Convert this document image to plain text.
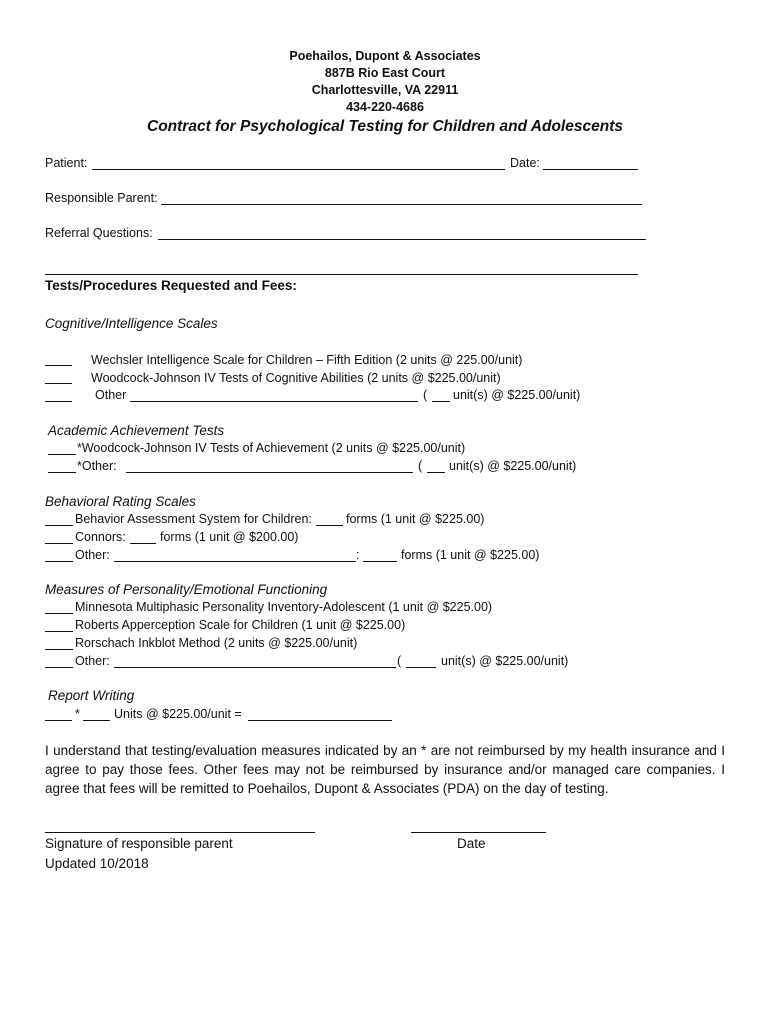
Poehailos, Dupont & Associates
887B Rio East Court
Charlottesville, VA 22911
434-220-4686
Contract for Psychological Testing for Children and Adolescents
Patient:	Date:
Responsible Parent:
Referral Questions:
Tests/Procedures Requested and Fees:
Cognitive/Intelligence Scales
Wechsler Intelligence Scale for Children – Fifth Edition (2 units @ 225.00/unit)
Woodcock-Johnson IV Tests of Cognitive Abilities (2 units @ $225.00/unit)
Other	( unit(s) @ $225.00/unit)
Academic Achievement Tests
*Woodcock-Johnson IV Tests of Achievement (2 units @ $225.00/unit)
*Other:	( unit(s) @ $225.00/unit)
Behavioral Rating Scales
Behavior Assessment System for Children:	forms (1 unit @ $225.00)
Connors:	forms (1 unit @ $200.00)
Other:	:	forms (1 unit @ $225.00)
Measures of Personality/Emotional Functioning
Minnesota Multiphasic Personality Inventory-Adolescent (1 unit @ $225.00)
Roberts Apperception Scale for Children (1 unit @ $225.00)
Rorschach Inkblot Method (2 units @ $225.00/unit)
Other:	(	unit(s) @ $225.00/unit)
Report Writing
*	Units @ $225.00/unit =
I understand that testing/evaluation measures indicated by an * are not reimbursed by my health insurance and I agree to pay those fees. Other fees may not be reimbursed by insurance and/or managed care companies. I agree that fees will be remitted to Poehailos, Dupont & Associates (PDA) on the day of testing.
Signature of responsible parent	Date
Updated 10/2018
